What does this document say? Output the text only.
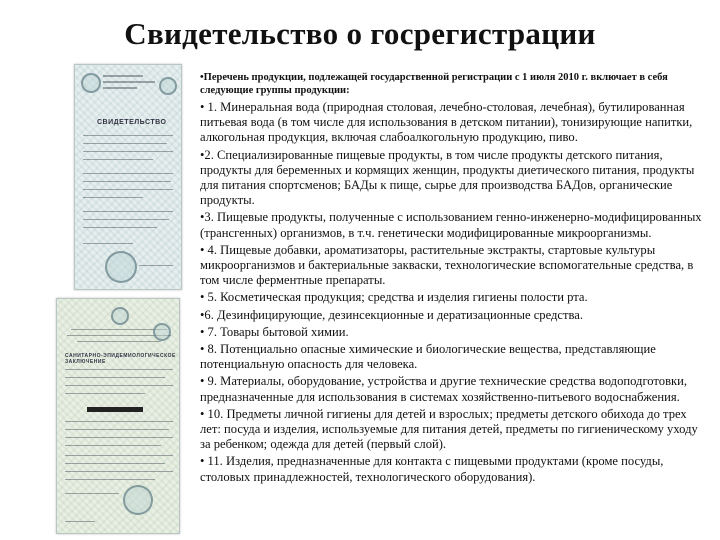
Свидетельство о госрегистрации
СВИДЕТЕЛЬСТВО
САНИТАРНО-ЭПИДЕМИОЛОГИЧЕСКОЕ ЗАКЛЮЧЕНИЕ

•Перечень продукции, подлежащей государственной регистрации с 1 июля 2010 г. включает в себя следующие группы продукции:

• 1. Минеральная вода (природная столовая, лечебно-столовая, лечебная), бутилированная питьевая вода (в том числе для использования в детском питании), тонизирующие напитки, алкогольная продукция, включая слабоалкогольную продукцию, пиво.

•2. Специализированные пищевые продукты, в том числе продукты детского питания, продукты для беременных и кормящих женщин, продукты диетического питания, продукты для питания спортсменов; БАДы к пище, сырье для производства БАДов, органические продукты.

•3. Пищевые продукты, полученные с использованием генно-инженерно-модифицированных (трансгенных) организмов, в т.ч. генетически модифицированные микроорганизмы.

• 4. Пищевые добавки, ароматизаторы, растительные экстракты, стартовые культуры микроорганизмов и бактериальные закваски, технологические вспомогательные средства, в том числе ферментные препараты.

• 5. Косметическая продукция; средства и изделия гигиены полости рта.

•6. Дезинфицирующие, дезинсекционные и дератизационные средства.

• 7. Товары бытовой химии.

• 8. Потенциально опасные химические и биологические вещества, представляющие потенциальную опасность для человека.

• 9. Материалы, оборудование, устройства и другие технические средства водоподготовки, предназначенные для использования в системах хозяйственно-питьевого водоснабжения.

• 10. Предметы личной гигиены для детей и взрослых; предметы детского обихода до трех лет: посуда и изделия, используемые для питания детей, предметы по гигиеническому уходу за ребенком; одежда для детей (первый слой).

• 11. Изделия, предназначенные для контакта с пищевыми продуктами (кроме посуды, столовых принадлежностей, технологического оборудования).
